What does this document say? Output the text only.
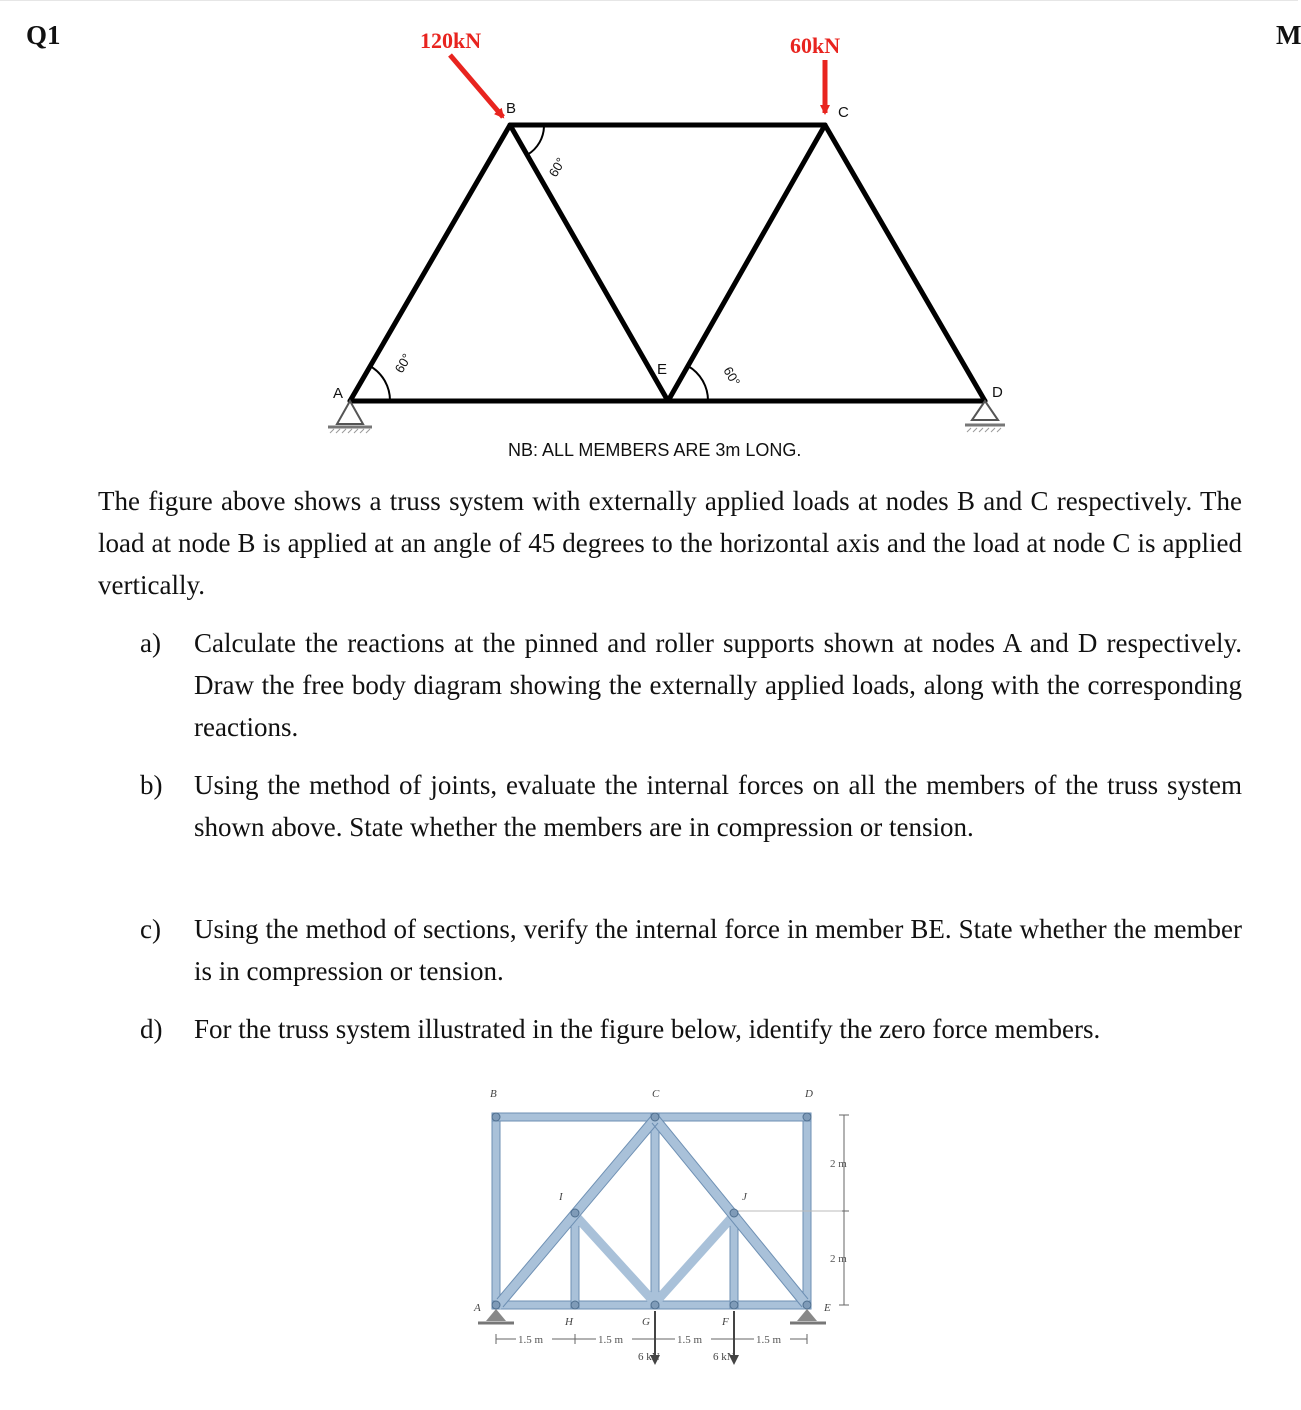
Q1	M
A
B	C
D
E
60°
60°
60°
NB: ALL MEMBERS ARE 3m LONG.
120kN	60kN
The figure above shows a truss system with externally applied loads at nodes B and C respectively. The load at node B is applied at an angle of 45 degrees to the horizontal axis and the load at node C is applied vertically.
a) Calculate the reactions at the pinned and roller supports shown at nodes A and D respectively. Draw the free body diagram showing the externally applied loads, along with the corresponding reactions.
b) Using the method of joints, evaluate the internal forces on all the members of the truss system shown above. State whether the members are in compression or tension.
c) Using the method of sections, verify the internal force in member BE. State whether the member is in compression or tension.
d) For the truss system illustrated in the figure below, identify the zero force members.
B	C	D
A	E
I	J
H	G	F
2 m
2 m
1.5 m	1.5 m	1.5 m	1.5 m
6 kN	6 kN
